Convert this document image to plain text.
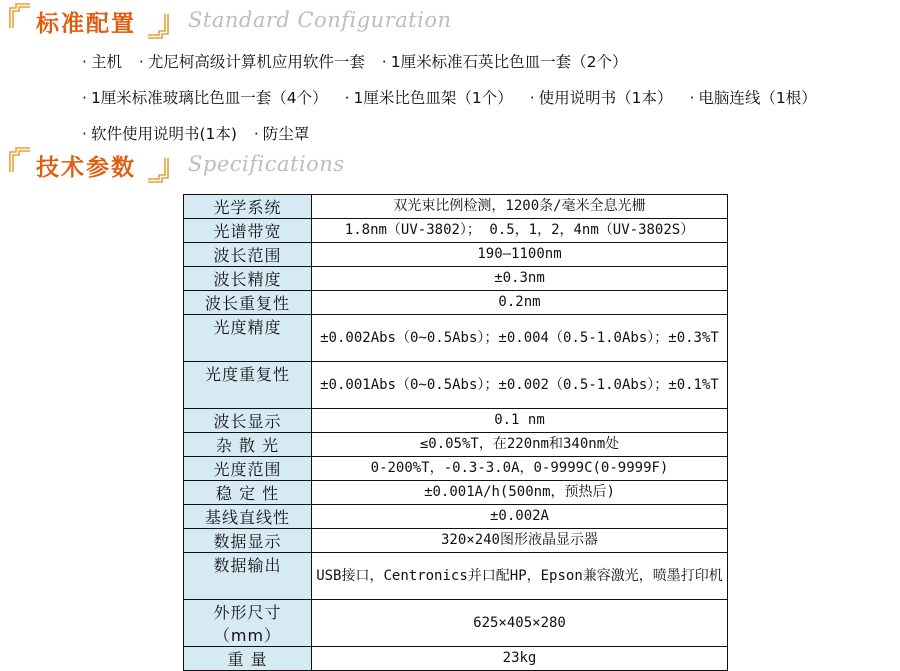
标准配置 Standard Configuration
· 主机 · 尤尼柯高级计算机应用软件一套 · 1厘米标准石英比色皿一套（2个） · 1厘米标准玻璃比色皿一套（4个） · 1厘米比色皿架（1个） · 使用说明书（1本） · 电脑连线（1根） · 软件使用说明书(1本) · 防尘罩
技术参数 Specifications
光学系统	双光束比例检测，1200条/毫米全息光栅
光谱带宽	1.8nm（UV-3802）； 0.5，1，2，4nm（UV-3802S）
波长范围	190—1100nm
波长精度	±0.3nm
波长重复性	0.2nm
光度精度	±0.002Abs（0~0.5Abs）；±0.004（0.5-1.0Abs）；±0.3%T
光度重复性	±0.001Abs（0~0.5Abs）；±0.002（0.5-1.0Abs）；±0.1%T
波长显示	0.1 nm
杂 散 光	≤0.05%T，在220nm和340nm处
光度范围	0-200%T，-0.3-3.0A，0-9999C(0-9999F)
稳 定 性	±0.001A/h(500nm，预热后)
基线直线性	±0.002A
数据显示	320×240图形液晶显示器
数据输出	USB接口，Centronics并口配HP，Epson兼容激光，喷墨打印机
外形尺寸（mm）	625×405×280
重 量	23kg
